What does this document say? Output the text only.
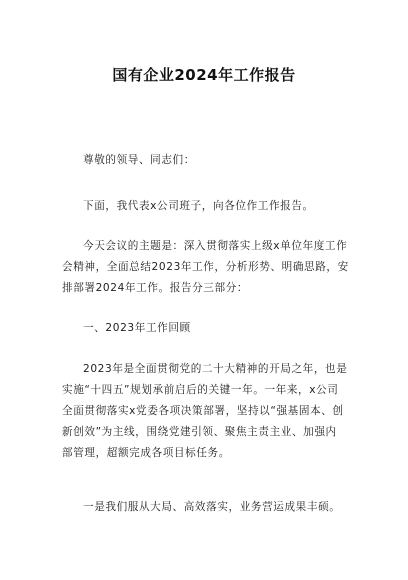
国有企业2024年工作报告
尊敬的领导、同志们：
下面，我代表x公司班子，向各位作工作报告。
今天会议的主题是：深入贯彻落实上级x单位年度工作
会精神，全面总结2023年工作，分析形势、明确思路，安
排部署2024年工作。报告分三部分：
一、2023年工作回顾
2023年是全面贯彻党的二十大精神的开局之年，也是
实施“十四五”规划承前启后的关键一年。一年来，x公司
全面贯彻落实x党委各项决策部署，坚持以“强基固本、创
新创效”为主线，围绕党建引领、聚焦主责主业、加强内
部管理，超额完成各项目标任务。
一是我们服从大局、高效落实，业务营运成果丰硕。
